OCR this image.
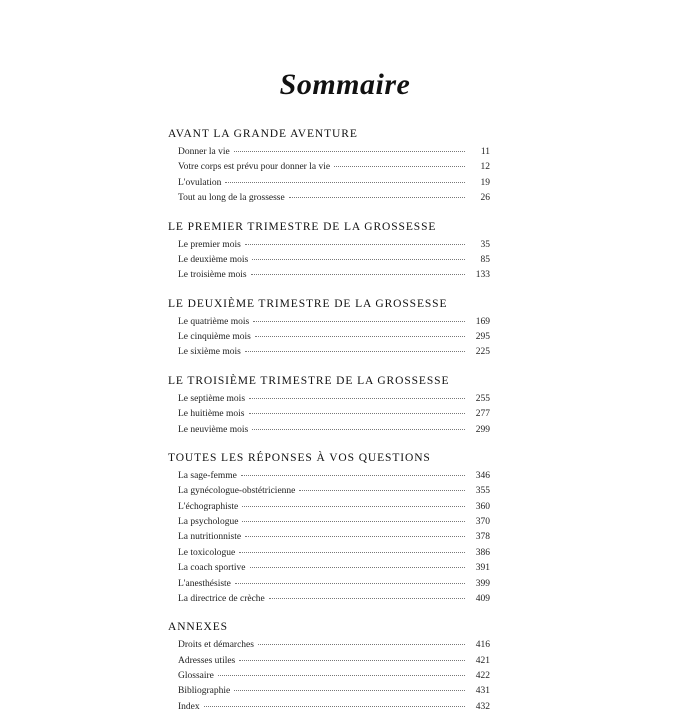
Sommaire
AVANT LA GRANDE AVENTURE
Donner la vie	11
Votre corps est prévu pour donner la vie	12
L'ovulation	19
Tout au long de la grossesse	26
LE PREMIER TRIMESTRE DE LA GROSSESSE
Le premier mois	35
Le deuxième mois	85
Le troisième mois	133
LE DEUXIÈME TRIMESTRE DE LA GROSSESSE
Le quatrième mois	169
Le cinquième mois	295
Le sixième mois	225
LE TROISIÈME TRIMESTRE DE LA GROSSESSE
Le septième mois	255
Le huitième mois	277
Le neuvième mois	299
TOUTES LES RÉPONSES À VOS QUESTIONS
La sage-femme	346
La gynécologue-obstétricienne	355
L'échographiste	360
La psychologue	370
La nutritionniste	378
Le toxicologue	386
La coach sportive	391
L'anesthésiste	399
La directrice de crèche	409
ANNEXES
Droits et démarches	416
Adresses utiles	421
Glossaire	422
Bibliographie	431
Index	432
